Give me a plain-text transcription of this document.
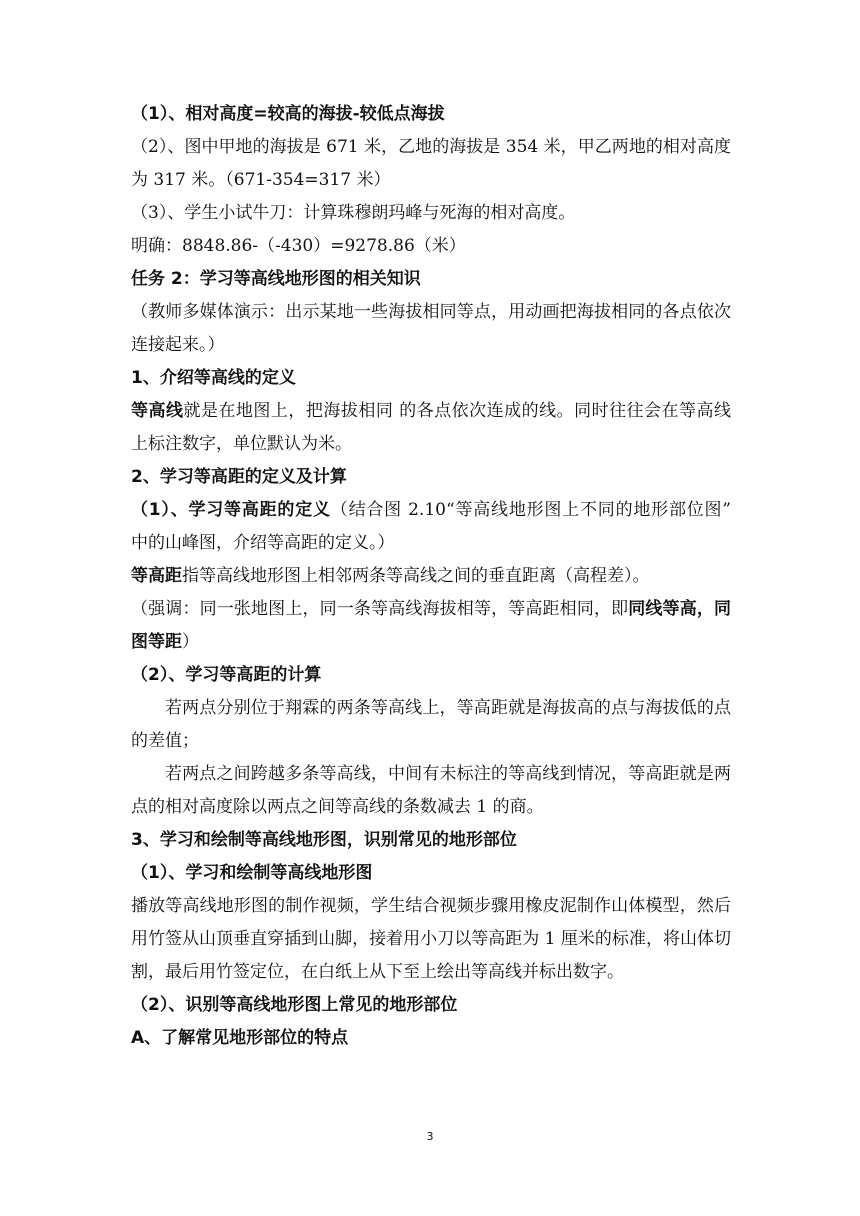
（1）、相对高度=较高的海拔-较低点海拔
（2）、图中甲地的海拔是 671 米，乙地的海拔是 354 米，甲乙两地的相对高度
为 317 米。（671-354=317 米）
（3）、学生小试牛刀：计算珠穆朗玛峰与死海的相对高度。
明确：8848.86-（-430）=9278.86（米）
任务 2：学习等高线地形图的相关知识
（教师多媒体演示：出示某地一些海拔相同等点，用动画把海拔相同的各点依次
连接起来。）
1、介绍等高线的定义
等高线就是在地图上，把海拔相同 的各点依次连成的线。同时往往会在等高线
上标注数字，单位默认为米。
2、学习等高距的定义及计算
（1）、学习等高距的定义（结合图 2.10“等高线地形图上不同的地形部位图”
中的山峰图，介绍等高距的定义。）
等高距指等高线地形图上相邻两条等高线之间的垂直距离（高程差）。
（强调：同一张地图上，同一条等高线海拔相等，等高距相同，即同线等高，同
图等距）
（2）、学习等高距的计算
若两点分别位于翔霖的两条等高线上，等高距就是海拔高的点与海拔低的点
的差值；
若两点之间跨越多条等高线，中间有未标注的等高线到情况，等高距就是两
点的相对高度除以两点之间等高线的条数减去 1 的商。
3、学习和绘制等高线地形图，识别常见的地形部位
（1）、学习和绘制等高线地形图
播放等高线地形图的制作视频，学生结合视频步骤用橡皮泥制作山体模型，然后
用竹签从山顶垂直穿插到山脚，接着用小刀以等高距为 1 厘米的标准，将山体切
割，最后用竹签定位，在白纸上从下至上绘出等高线并标出数字。
（2）、识别等高线地形图上常见的地形部位
A、了解常见地形部位的特点
3
